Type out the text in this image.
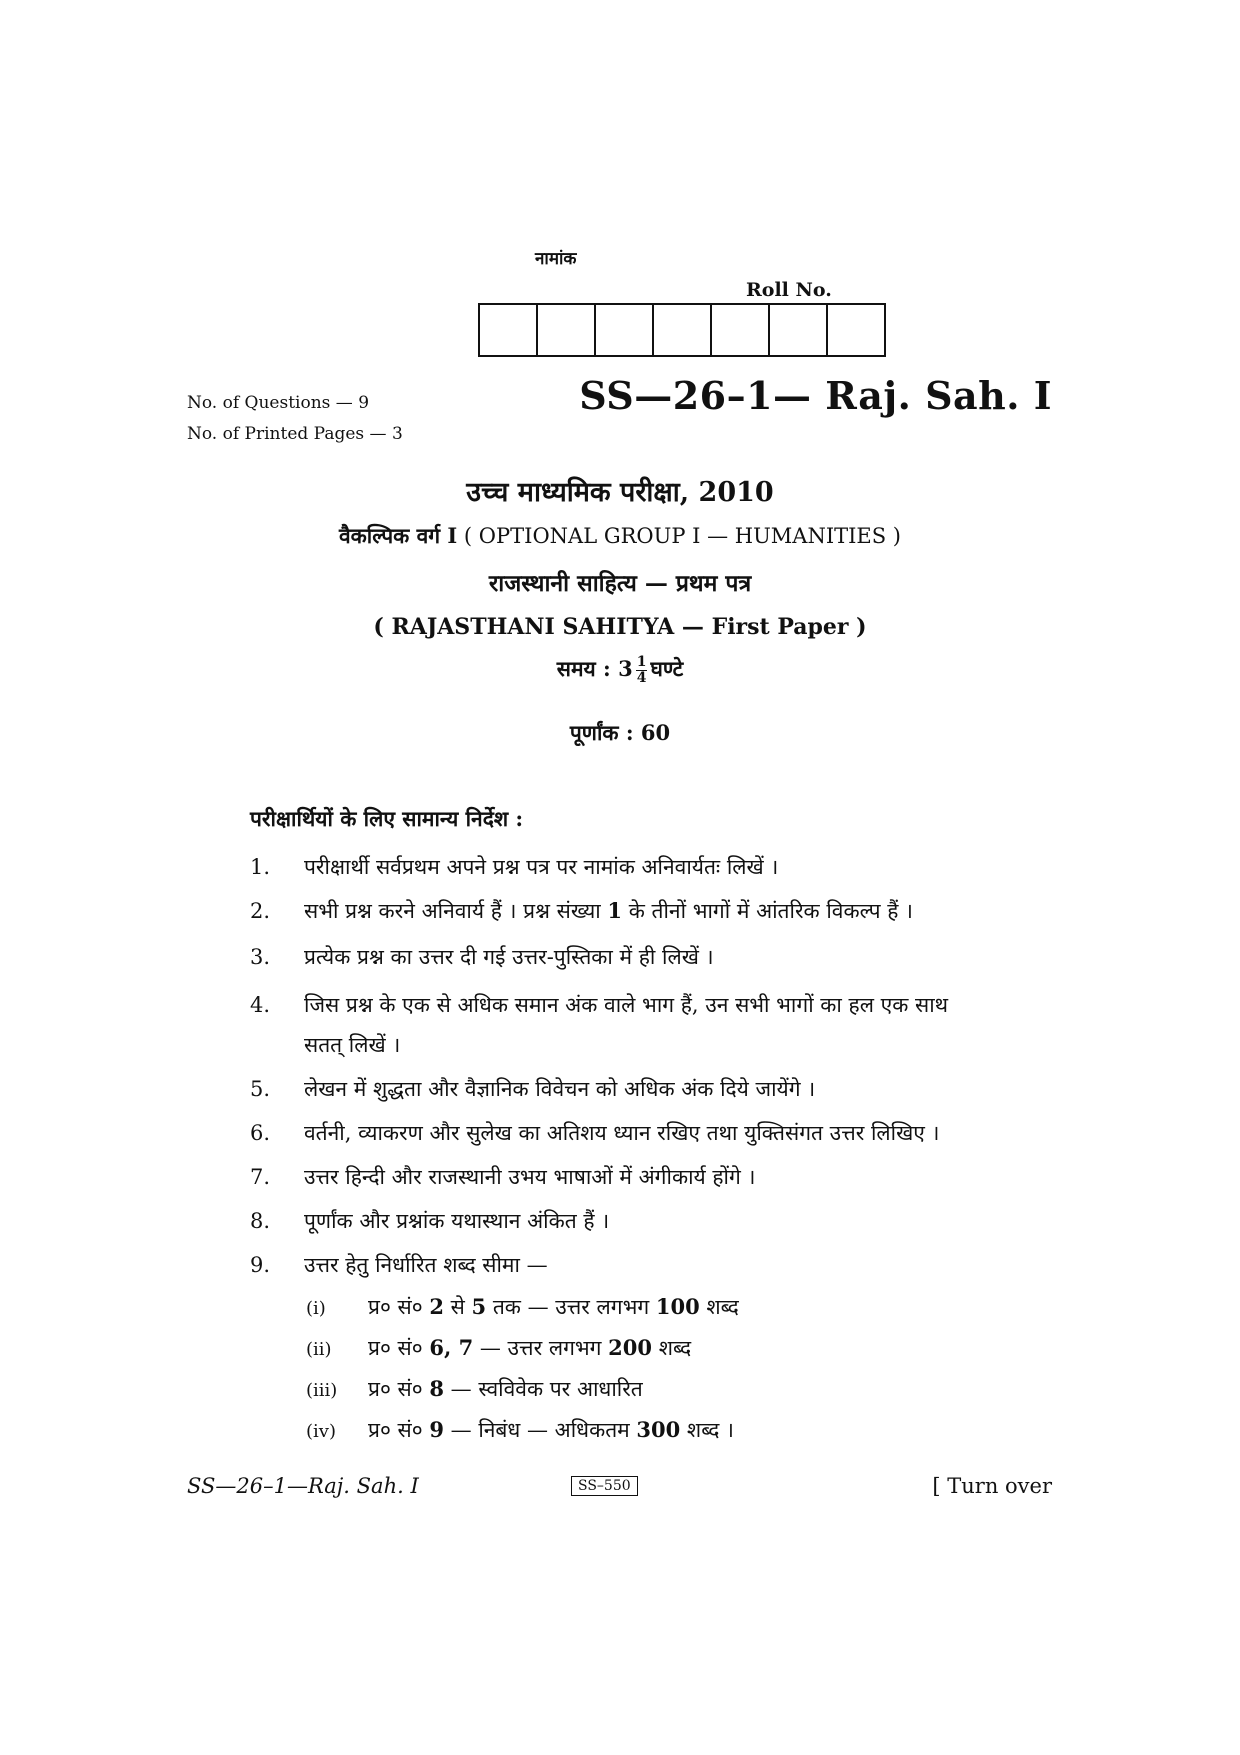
नामांक
Roll No.
No. of Questions — 9
No. of Printed Pages — 3
SS—26–1— Raj. Sah. I
उच्च माध्यमिक परीक्षा, 2010
वैकल्पिक वर्ग I ( OPTIONAL GROUP I — HUMANITIES )
राजस्थानी साहित्य — प्रथम पत्र
( RAJASTHANI SAHITYA — First Paper )
समय : $3 \frac{1}{4}$ घण्टे
पूर्णांक : 60
परीक्षार्थियों के लिए सामान्य निर्देश :
1. परीक्षार्थी सर्वप्रथम अपने प्रश्न पत्र पर नामांक अनिवार्यतः लिखें ।
2. सभी प्रश्न करने अनिवार्य हैं । प्रश्न संख्या 1 के तीनों भागों में आंतरिक विकल्प हैं ।
3. प्रत्येक प्रश्न का उत्तर दी गई उत्तर-पुस्तिका में ही लिखें ।
4. जिस प्रश्न के एक से अधिक समान अंक वाले भाग हैं, उन सभी भागों का हल एक साथ
सतत् लिखें ।
5. लेखन में शुद्धता और वैज्ञानिक विवेचन को अधिक अंक दिये जायेंगे ।
6. वर्तनी, व्याकरण और सुलेख का अतिशय ध्यान रखिए तथा युक्तिसंगत उत्तर लिखिए ।
7. उत्तर हिन्दी और राजस्थानी उभय भाषाओं में अंगीकार्य होंगे ।
8. पूर्णांक और प्रश्नांक यथास्थान अंकित हैं ।
9. उत्तर हेतु निर्धारित शब्द सीमा —
(i) प्र० सं० 2 से 5 तक — उत्तर लगभग 100 शब्द
(ii) प्र० सं० 6, 7 — उत्तर लगभग 200 शब्द
(iii) प्र० सं० 8 — स्वविवेक पर आधारित
(iv) प्र० सं० 9 — निबंध — अधिकतम 300 शब्द ।
SS—26–1—Raj. Sah. I	SS–550	[ Turn over
